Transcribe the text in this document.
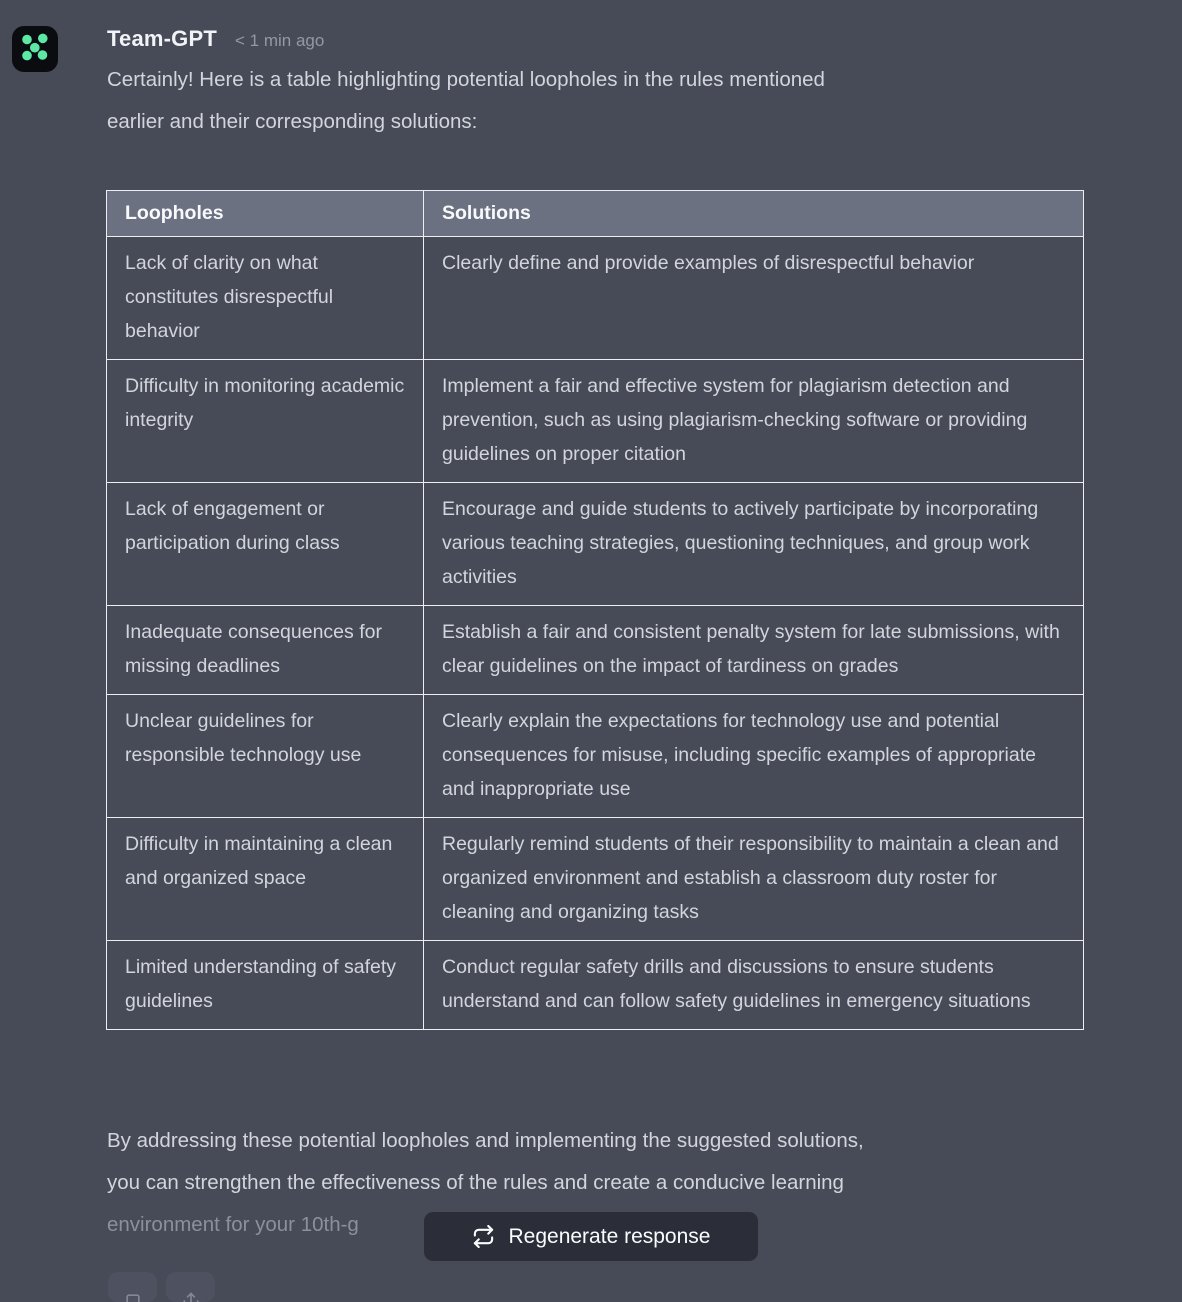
Team-GPT < 1 min ago
Certainly! Here is a table highlighting potential loopholes in the rules mentioned
earlier and their corresponding solutions:
Loopholes	Solutions
Lack of clarity on what constitutes disrespectful behavior	Clearly define and provide examples of disrespectful behavior
Difficulty in monitoring academic integrity	Implement a fair and effective system for plagiarism detection and prevention, such as using plagiarism-checking software or providing guidelines on proper citation
Lack of engagement or participation during class	Encourage and guide students to actively participate by incorporating various teaching strategies, questioning techniques, and group work activities
Inadequate consequences for missing deadlines	Establish a fair and consistent penalty system for late submissions, with clear guidelines on the impact of tardiness on grades
Unclear guidelines for responsible technology use	Clearly explain the expectations for technology use and potential consequences for misuse, including specific examples of appropriate and inappropriate use
Difficulty in maintaining a clean and organized space	Regularly remind students of their responsibility to maintain a clean and organized environment and establish a classroom duty roster for cleaning and organizing tasks
Limited understanding of safety guidelines	Conduct regular safety drills and discussions to ensure students understand and can follow safety guidelines in emergency situations
By addressing these potential loopholes and implementing the suggested solutions,
you can strengthen the effectiveness of the rules and create a conducive learning
environment for your 10th-g	Regenerate response
